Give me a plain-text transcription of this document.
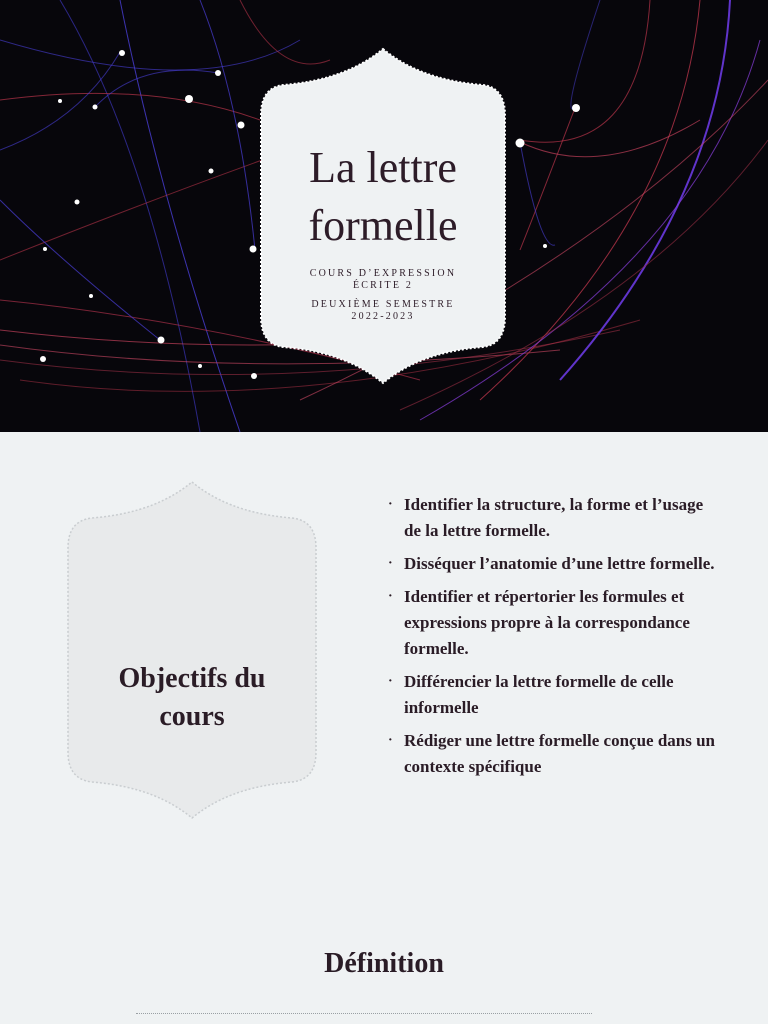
La lettre
formelle
COURS D’EXPRESSION
ÉCRITE 2
DEUXIÈME SEMESTRE
2022-2023
Objectifs du
cours
· Identifier la structure, la forme et l’usage de la lettre formelle.
· Disséquer l’anatomie d’une lettre formelle.
· Identifier et répertorier les formules et expressions propre à la correspondance formelle.
· Différencier la lettre formelle de celle informelle
· Rédiger une lettre formelle conçue dans un contexte spécifique
Définition
